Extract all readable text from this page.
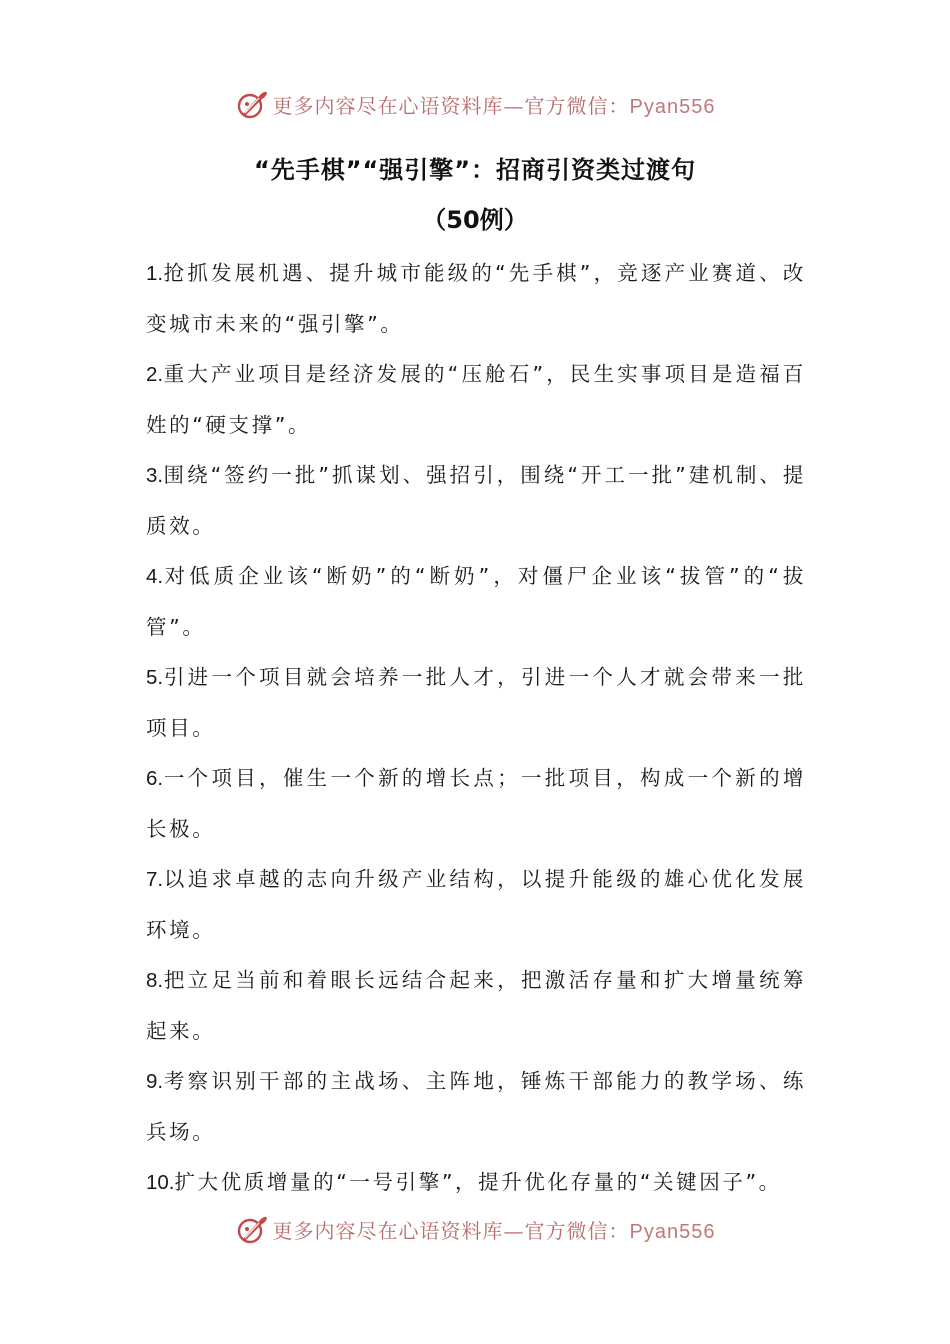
更多内容尽在心语资料库—官方微信：Pyan556
“先手棋”“强引擎”：招商引资类过渡句
（50例）
1.抢抓发展机遇、提升城市能级的“先手棋”，竞逐产业赛道、改变城市未来的“强引擎”。
2.重大产业项目是经济发展的“压舱石”，民生实事项目是造福百姓的“硬支撑”。
3.围绕“签约一批”抓谋划、强招引，围绕“开工一批”建机制、提质效。
4.对低质企业该“断奶”的“断奶”，对僵尸企业该“拔管”的“拔管”。
5.引进一个项目就会培养一批人才，引进一个人才就会带来一批项目。
6.一个项目，催生一个新的增长点；一批项目，构成一个新的增长极。
7.以追求卓越的志向升级产业结构，以提升能级的雄心优化发展环境。
8.把立足当前和着眼长远结合起来，把激活存量和扩大增量统筹起来。
9.考察识别干部的主战场、主阵地，锤炼干部能力的教学场、练兵场。
10.扩大优质增量的“一号引擎”，提升优化存量的“关键因子”。
更多内容尽在心语资料库—官方微信：Pyan556
